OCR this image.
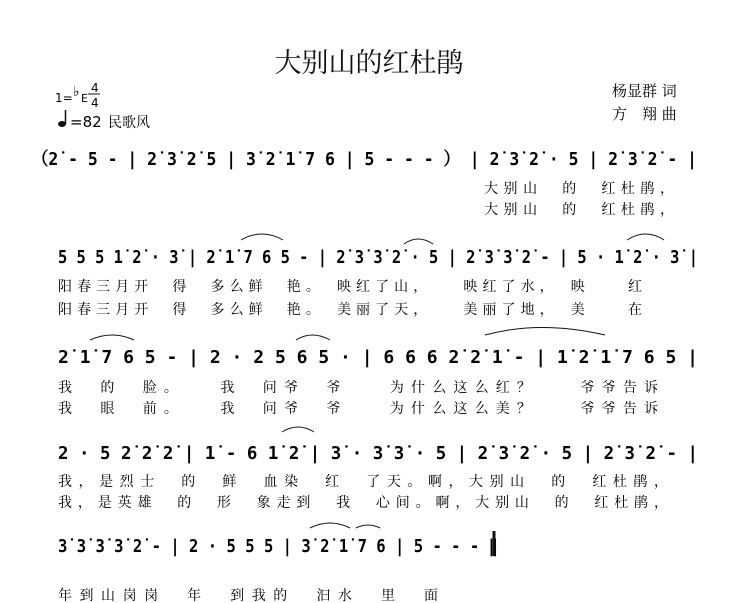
大别山的红杜鹃
1= ♭ E
4
4
=82 民歌风
杨显群 词
方　翔 曲
（2̇ - 5 - | 2̇ 3̇ 2̇ 5 | 3̇ 2̇ 1̇ 7 6 | 5 - - - ） | 2̇ 3̇ 2̇ · 5 | 2̇ 3̇ 2̇ - |
大别山　的　红杜鹃，
大别山　的　红杜鹃，
5 5 5 1̇ 2̇ · 3̇ | 2̇ 1̇ 7 6 5 - | 2̇ 3̇ 3̇ 2̇ · 5 | 2̇ 3̇ 3̇ 2̇ - | 5 · 1̇ 2̇ · 3̇ |
阳春三月开　得　多么鲜　艳。　映红了山，　　映红了水，　映　　红
阳春三月开　得　多么鲜　艳。　美丽了天，　　美丽了地，　美　　在
2̇ 1̇ 7 6 5 - | 2 · 2 5 6 5 · | 6 6 6 2̇ 2̇ 1̇ - | 1̇ 2̇ 1̇ 7 6 5 |
我　的　脸。　　我　问爷　爷　　为什么这么红？　　爷爷告诉
我　眼　前。　　我　问爷　爷　　为什么这么美？　　爷爷告诉
2 · 5 2̇ 2̇ 2̇ | 1̇ - 6 1̇ 2̇ | 3̇ · 3̇ 3̇ · 5 | 2̇ 3̇ 2̇ · 5 | 2̇ 3̇ 2̇ - |
我，是烈士　的　鲜　血染　红　了天。啊，大别山　的　红杜鹃，
我，是英雄　的　形　象走到　我　心间。啊，大别山　的　红杜鹃，
3̇ 3̇ 3̇ 3̇ 2̇ - | 2 · 5 5 5 | 3̇ 2̇ 1̇ 7 6 | 5 - - - ‖
年到山岗岗　年　到我的　汩水　里　面
